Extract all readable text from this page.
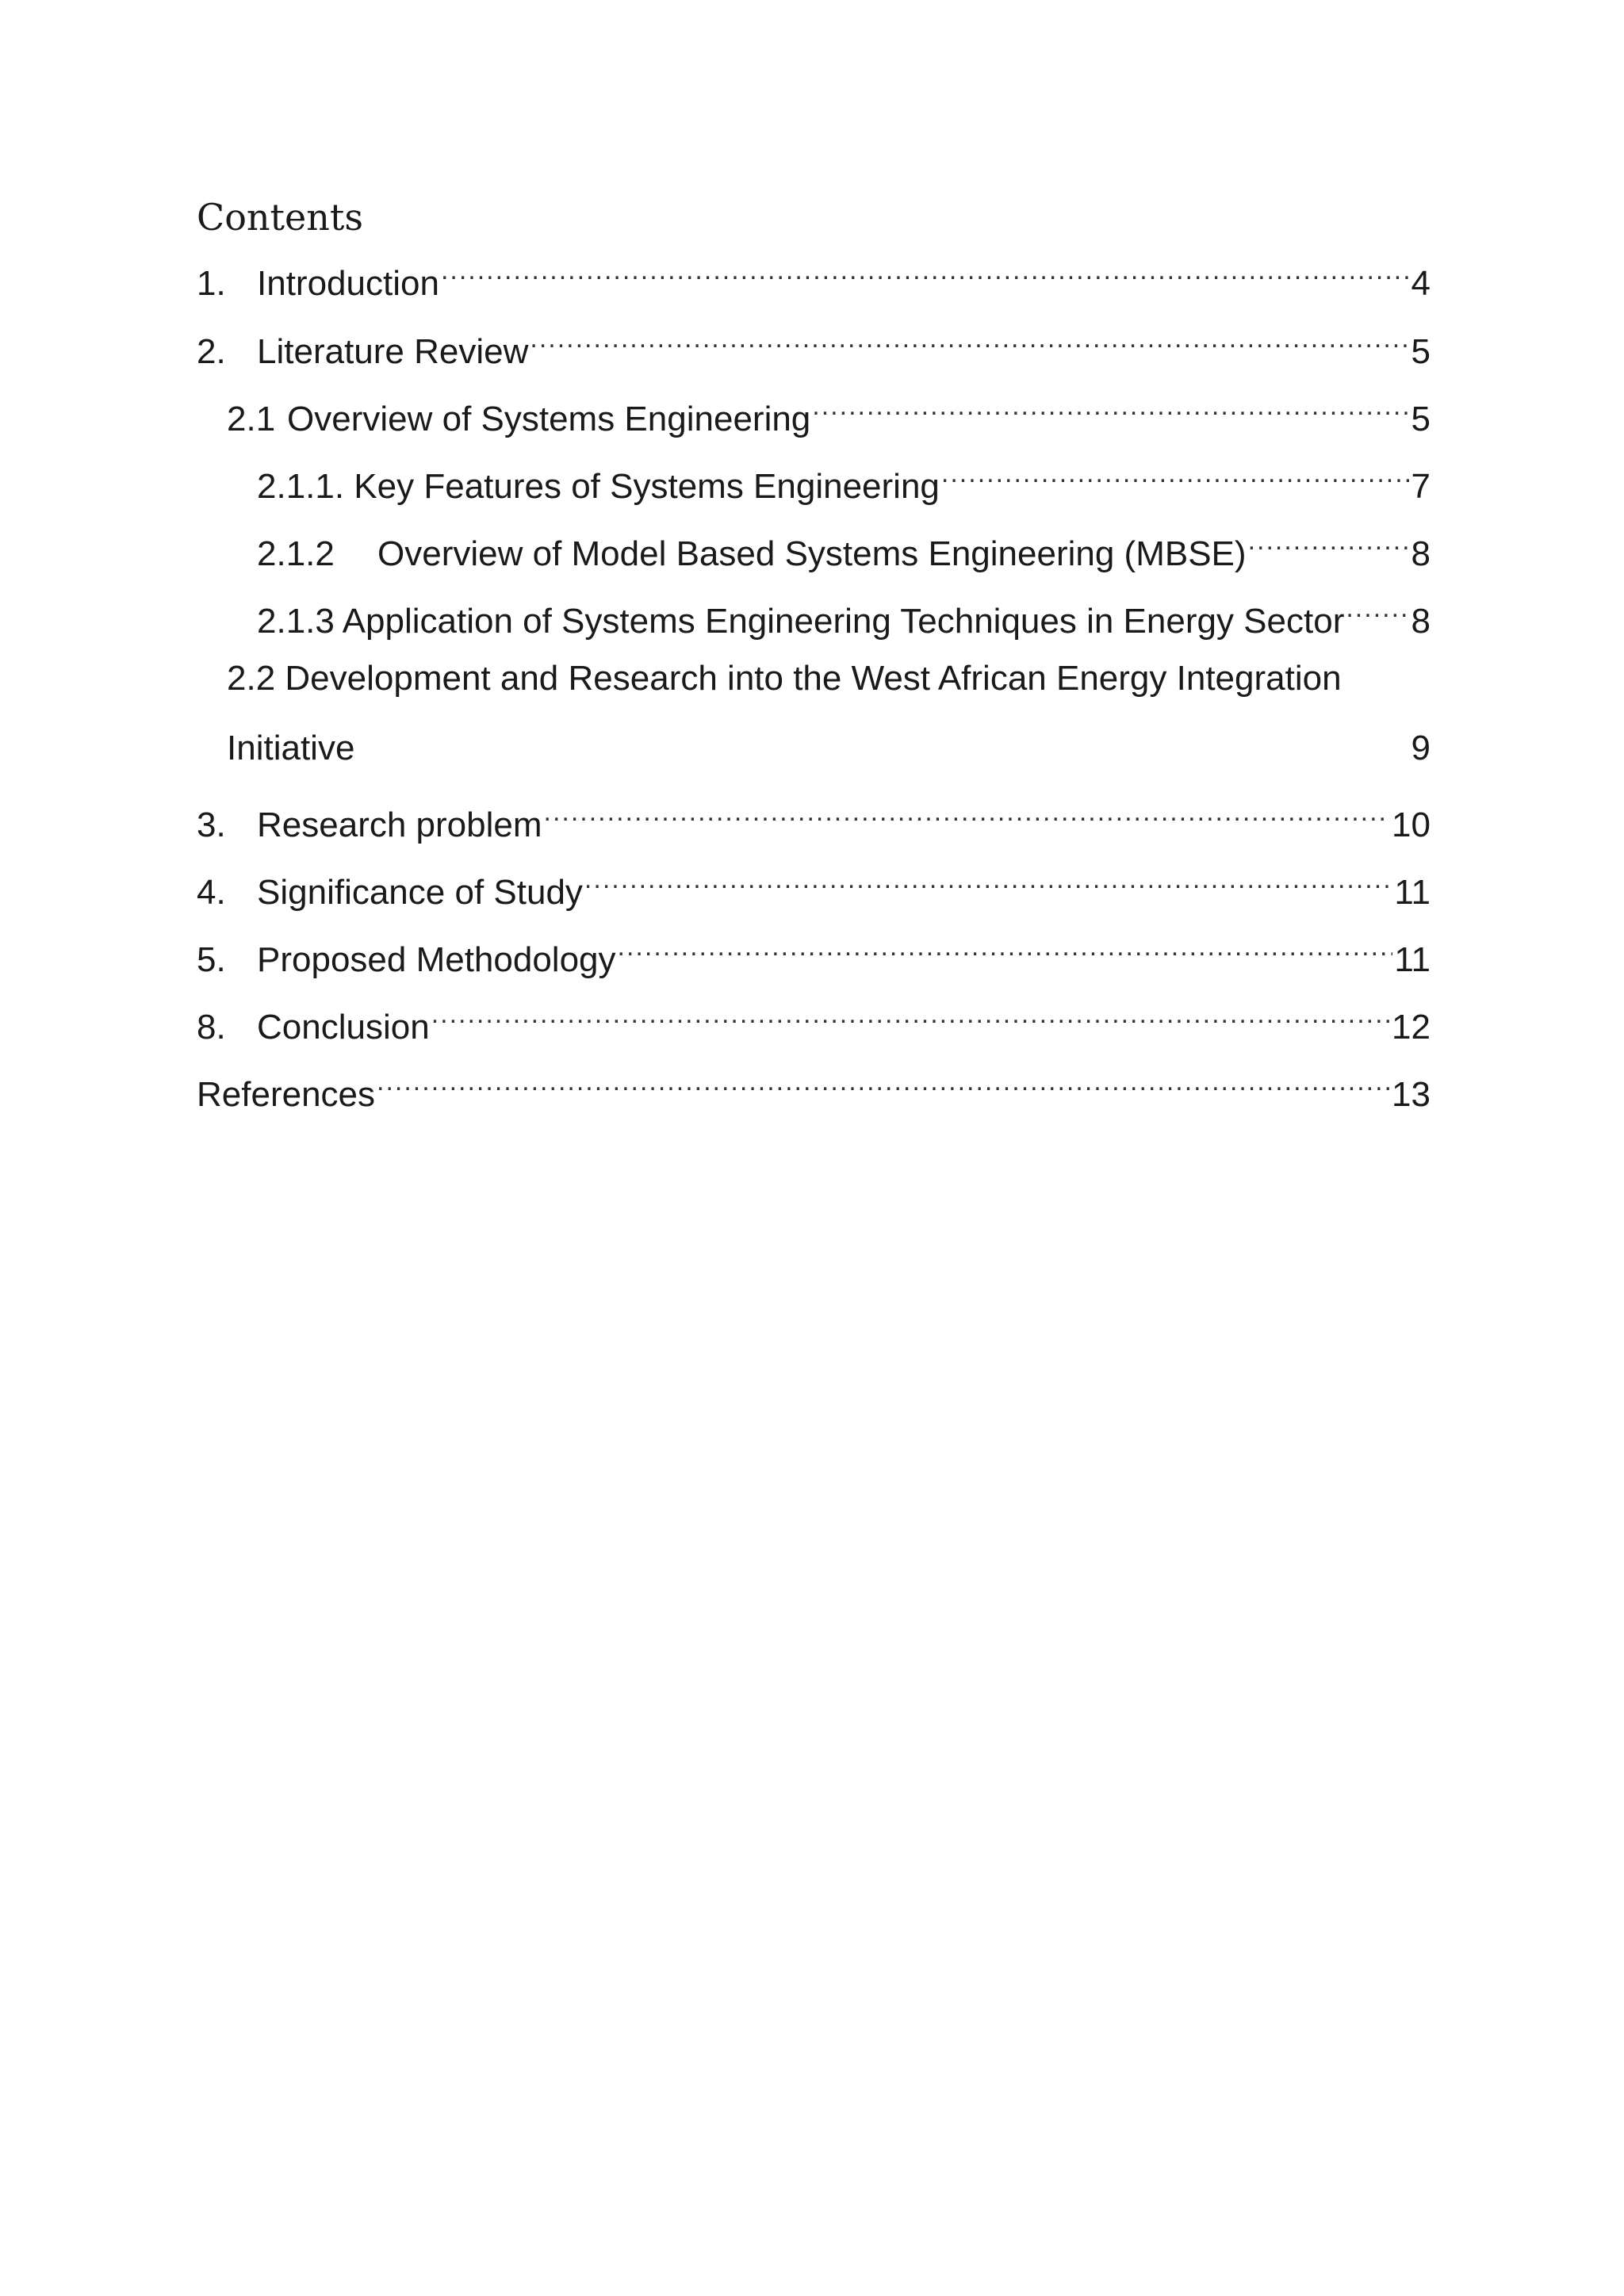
Contents
1. Introduction .....	4
2. Literature Review .....	5
2.1 Overview of Systems Engineering .....	5
2.1.1. Key Features of Systems Engineering .....	7
2.1.2	Overview of Model Based Systems Engineering (MBSE) .....	8
2.1.3 Application of Systems Engineering Techniques in Energy Sector ..... 8
2.2 Development and Research into the West African Energy Integration
Initiative	9
3. Research problem .....	10
4. Significance of Study .....	11
5. Proposed Methodology .....	11
8. Conclusion .....	12
References .....	13
